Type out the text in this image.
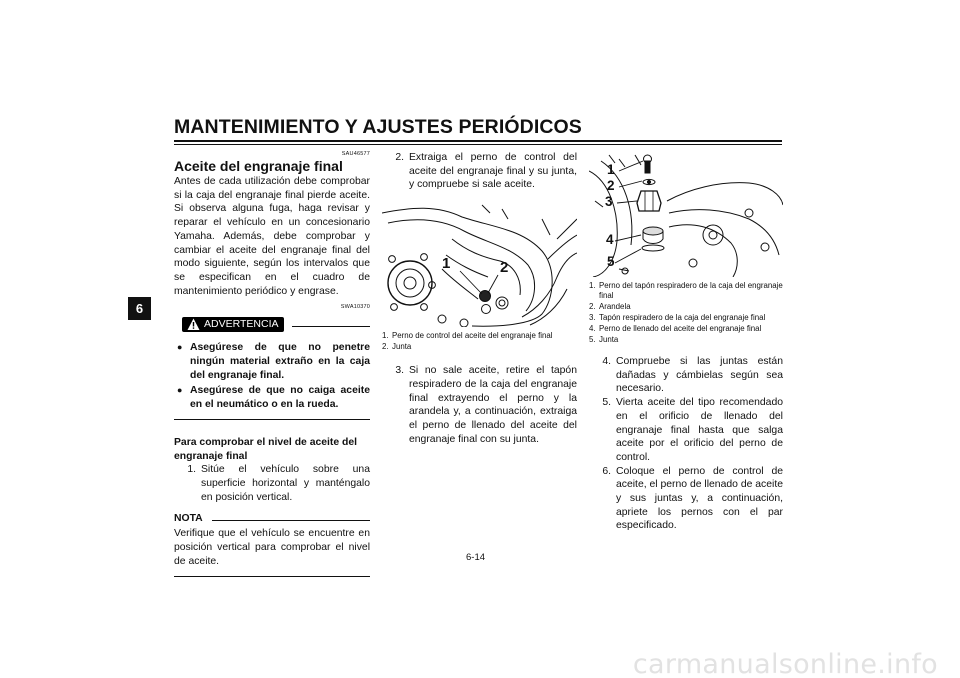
MANTENIMIENTO Y AJUSTES PERIÓDICOS
6
SAU46577
Aceite del engranaje final
Antes de cada utilización debe comprobar si la caja del engranaje final pierde aceite. Si observa alguna fuga, haga revisar y reparar el vehículo en un concesionario Yamaha. Además, debe comprobar y cambiar el aceite del engranaje final del modo siguiente, según los intervalos que se especifican en el cuadro de mantenimiento periódico y engrase.
SWA10370
ADVERTENCIA
● Asegúrese de que no penetre ningún material extraño en la caja del engranaje final.
● Asegúrese de que no caiga aceite en el neumático o en la rueda.
Para comprobar el nivel de aceite del engranaje final
1. Sitúe el vehículo sobre una superficie horizontal y manténgalo en posición vertical.
NOTA
Verifique que el vehículo se encuentre en posición vertical para comprobar el nivel de aceite.
2. Extraiga el perno de control del aceite del engranaje final y su junta, y compruebe si sale aceite.
1	2
1. Perno de control del aceite del engranaje final
2. Junta
3. Si no sale aceite, retire el tapón respiradero de la caja del engranaje final extrayendo el perno y la arandela y, a continuación, extraiga el perno de llenado del aceite del engranaje final con su junta.
1
2
3
4
5
1. Perno del tapón respiradero de la caja del engranaje final
2. Arandela
3. Tapón respiradero de la caja del engranaje final
4. Perno de llenado del aceite del engranaje final
5. Junta
4. Compruebe si las juntas están dañadas y cámbielas según sea necesario.
5. Vierta aceite del tipo recomendado en el orificio de llenado del engranaje final hasta que salga aceite por el orificio del perno de control.
6. Coloque el perno de control de aceite, el perno de llenado de aceite y sus juntas y, a continuación, apriete los pernos con el par especificado.
6-14
carmanualsonline.info
